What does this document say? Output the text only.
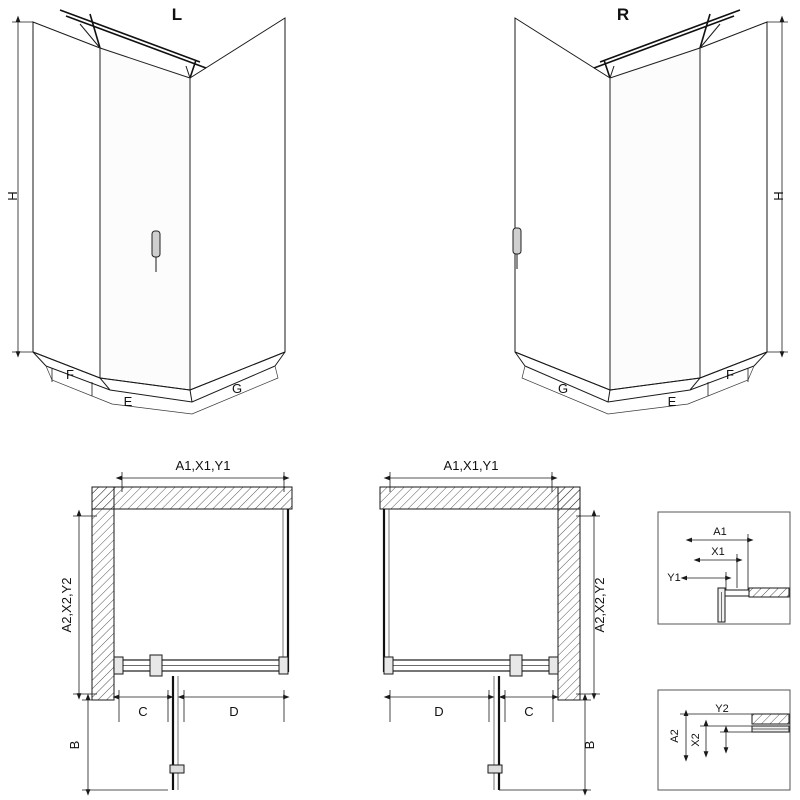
H
F
E
G
L
H
F
E
G
R
A1,X1,Y1
A2,X2,Y2
C	D
B
A1,X1,Y1
A2,X2,Y2
D	C
B
A1
X1
Y1
A2 X2
Y2
